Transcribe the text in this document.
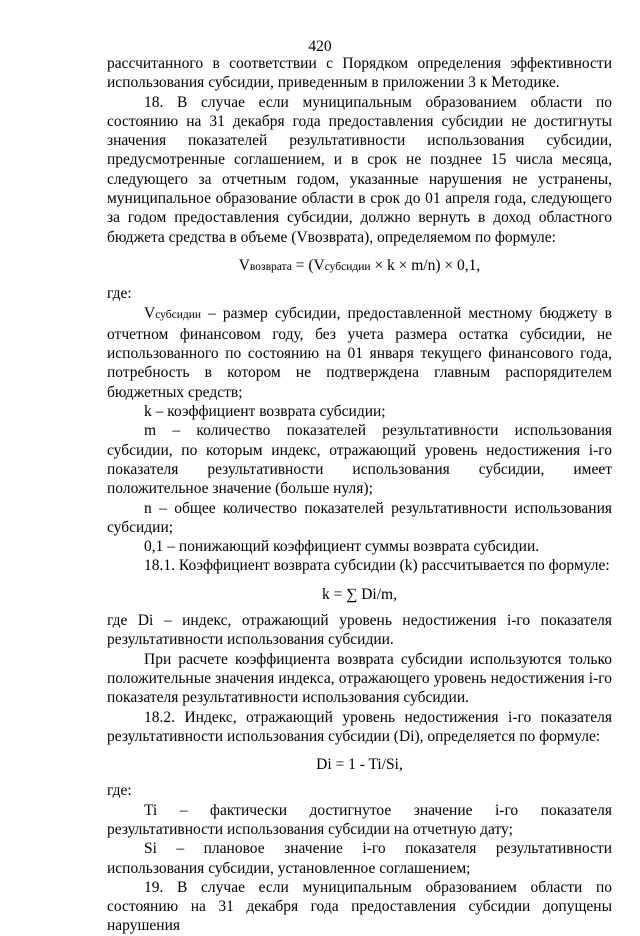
420

рассчитанного в соответствии с Порядком определения эффективности использования субсидии, приведенным в приложении 3 к Методике.

18. В случае если муниципальным образованием области по состоянию на 31 декабря года предоставления субсидии не достигнуты значения показателей результативности использования субсидии, предусмотренные соглашением, и в срок не позднее 15 числа месяца, следующего за отчетным годом, указанные нарушения не устранены, муниципальное образование области в срок до 01 апреля года, следующего за годом предоставления субсидии, должно вернуть в доход областного бюджета средства в объеме (Vвозврата), определяемом по формуле:

Vвозврата = (Vсубсидии × k × m/n) × 0,1,
где:

Vсубсидии – размер субсидии, предоставленной местному бюджету в отчетном финансовом году, без учета размера остатка субсидии, не использованного по состоянию на 01 января текущего финансового года, потребность в котором не подтверждена главным распорядителем бюджетных средств;

k – коэффициент возврата субсидии;

m – количество показателей результативности использования субсидии, по которым индекс, отражающий уровень недостижения i-го показателя результативности использования субсидии, имеет положительное значение (больше нуля);

n – общее количество показателей результативности использования субсидии;

0,1 – понижающий коэффициент суммы возврата субсидии.

18.1. Коэффициент возврата субсидии (k) рассчитывается по формуле:

k = ∑ Di/m,

где Di – индекс, отражающий уровень недостижения i-го показателя результативности использования субсидии.

При расчете коэффициента возврата субсидии используются только положительные значения индекса, отражающего уровень недостижения i-го показателя результативности использования субсидии.

18.2. Индекс, отражающий уровень недостижения i-го показателя результативности использования субсидии (Di), определяется по формуле:

Di = 1 - Ti/Si,
где:

Ti – фактически достигнутое значение i-го показателя результативности использования субсидии на отчетную дату;

Si – плановое значение i-го показателя результативности использования субсидии, установленное соглашением;

19. В случае если муниципальным образованием области по состоянию на 31 декабря года предоставления субсидии допущены нарушения
